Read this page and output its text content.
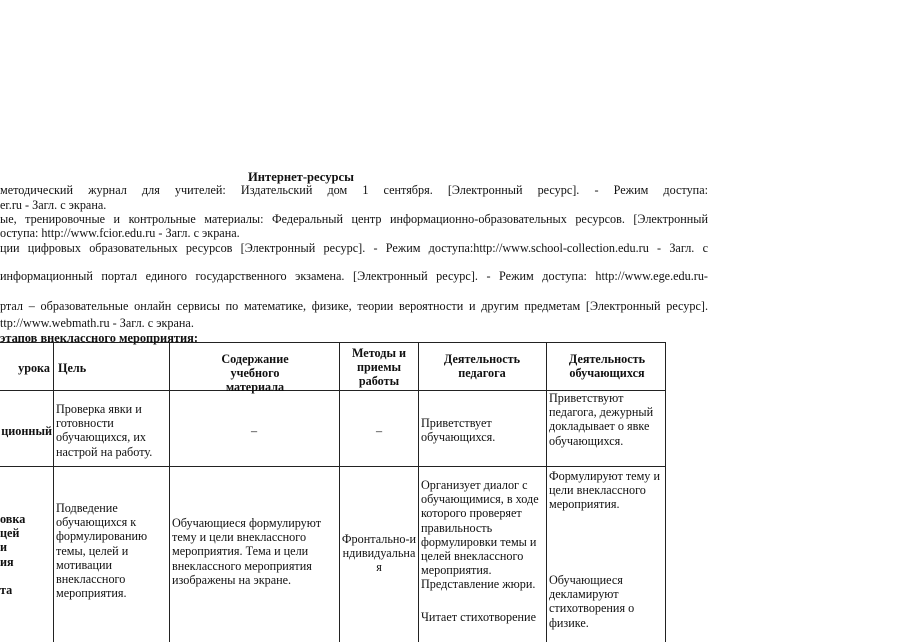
Интернет-ресурсы
методический журнал для учителей: Издательский дом 1 сентября. [Электронный ресурс]. - Режим доступа:
er.ru - Загл. с экрана.
ые, тренировочные и контрольные материалы: Федеральный центр информационно-образовательных ресурсов. [Электронный
оступа: http://www.fcior.edu.ru - Загл. с экрана.
ции цифровых образовательных ресурсов [Электронный ресурс]. - Режим доступа:http://www.school-collection.edu.ru - Загл. с
информационный портал единого государственного экзамена. [Электронный ресурс]. - Режим доступа: http://www.ege.edu.ru-
ртал – образовательные онлайн сервисы по математике, физике, теории вероятности и другим предметам [Электронный ресурс].
ttp://www.webmath.ru - Загл. с экрана.
этапов внеклассного мероприятия:
урока Цель
Содержание учебного материала
Методы и приемы работы
Деятельность педагога
Деятельность обучающихся
ционный
Проверка явки и готовности обучающихся, их настрой на работу.
–	–
Приветствует обучающихся.
Приветствуют педагога, дежурный докладывает о явке обучающихся.
овка
цей
и
ия
та
Подведение обучающихся к формулированию темы, целей и мотивации внеклассного мероприятия.
Обучающиеся формулируют тему и цели внеклассного мероприятия. Тема и цели внеклассного мероприятия изображены на экране.
Фронтально-индивидуальная
Организует диалог с обучающимися, в ходе которого проверяет правильность формулировки темы и целей внеклассного мероприятия. Представление жюри.
Читает стихотворение
Формулируют тему и цели внеклассного мероприятия.
Обучающиеся декламируют стихотворения о физике.
